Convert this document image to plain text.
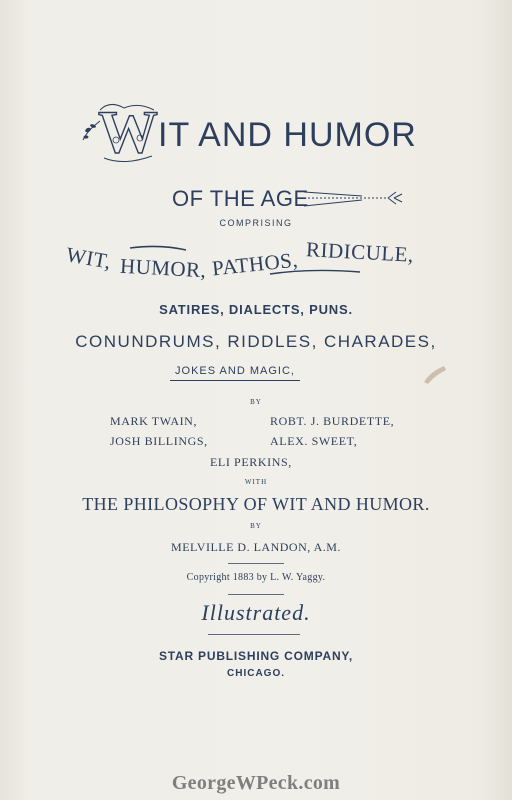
W IT AND HUMOR
OF THE AGE
COMPRISING
WIT, HUMOR, PATHOS, RIDICULE,
SATIRES, DIALECTS, PUNS.
CONUNDRUMS, RIDDLES, CHARADES,
JOKES AND MAGIC,
BY
MARK TWAIN,	ROBT. J. BURDETTE,
JOSH BILLINGS,	ALEX. SWEET,
ELI PERKINS,
WITH
THE PHILOSOPHY OF WIT AND HUMOR.
BY
MELVILLE D. LANDON, A.M.
Copyright 1883 by L. W. Yaggy.
Illustrated.
STAR PUBLISHING COMPANY,
CHICAGO.
GeorgeWPeck.com
